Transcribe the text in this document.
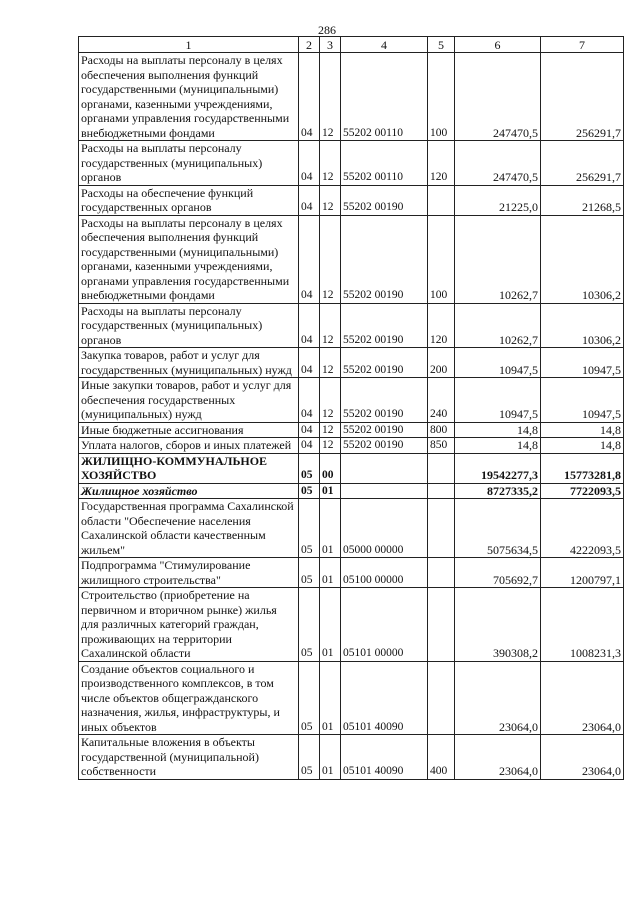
286
1	2	3	4	5	6	7
Расходы на выплаты персоналу в целях обеспечения выполнения функций государственными (муниципальными) органами, казенными учреждениями, органами управления государственными внебюджетными фондами	04	12	55202 00110	100	247470,5	256291,7
Расходы на выплаты персоналу государственных (муниципальных) органов	04	12	55202 00110	120	247470,5	256291,7
Расходы на обеспечение функций государственных органов	04	12	55202 00190		21225,0	21268,5
Расходы на выплаты персоналу в целях обеспечения выполнения функций государственными (муниципальными) органами, казенными учреждениями, органами управления государственными внебюджетными фондами	04	12	55202 00190	100	10262,7	10306,2
Расходы на выплаты персоналу государственных (муниципальных) органов	04	12	55202 00190	120	10262,7	10306,2
Закупка товаров, работ и услуг для государственных (муниципальных) нужд	04	12	55202 00190	200	10947,5	10947,5
Иные закупки товаров, работ и услуг для обеспечения государственных (муниципальных) нужд	04	12	55202 00190	240	10947,5	10947,5
Иные бюджетные ассигнования	04	12	55202 00190	800	14,8	14,8
Уплата налогов, сборов и иных платежей	04	12	55202 00190	850	14,8	14,8
ЖИЛИЩНО-КОММУНАЛЬНОЕ ХОЗЯЙСТВО	05	00			19542277,3	15773281,8
Жилищное хозяйство	05	01			8727335,2	7722093,5
Государственная программа Сахалинской области "Обеспечение населения Сахалинской области качественным жильем"	05	01	05000 00000		5075634,5	4222093,5
Подпрограмма "Стимулирование жилищного строительства"	05	01	05100 00000		705692,7	1200797,1
Строительство (приобретение на первичном и вторичном рынке) жилья для различных категорий граждан, проживающих на территории Сахалинской области	05	01	05101 00000		390308,2	1008231,3
Создание объектов социального и производственного комплексов, в том числе объектов общегражданского назначения, жилья, инфраструктуры, и иных объектов	05	01	05101 40090		23064,0	23064,0
Капитальные вложения в объекты государственной (муниципальной) собственности	05	01	05101 40090	400	23064,0	23064,0
